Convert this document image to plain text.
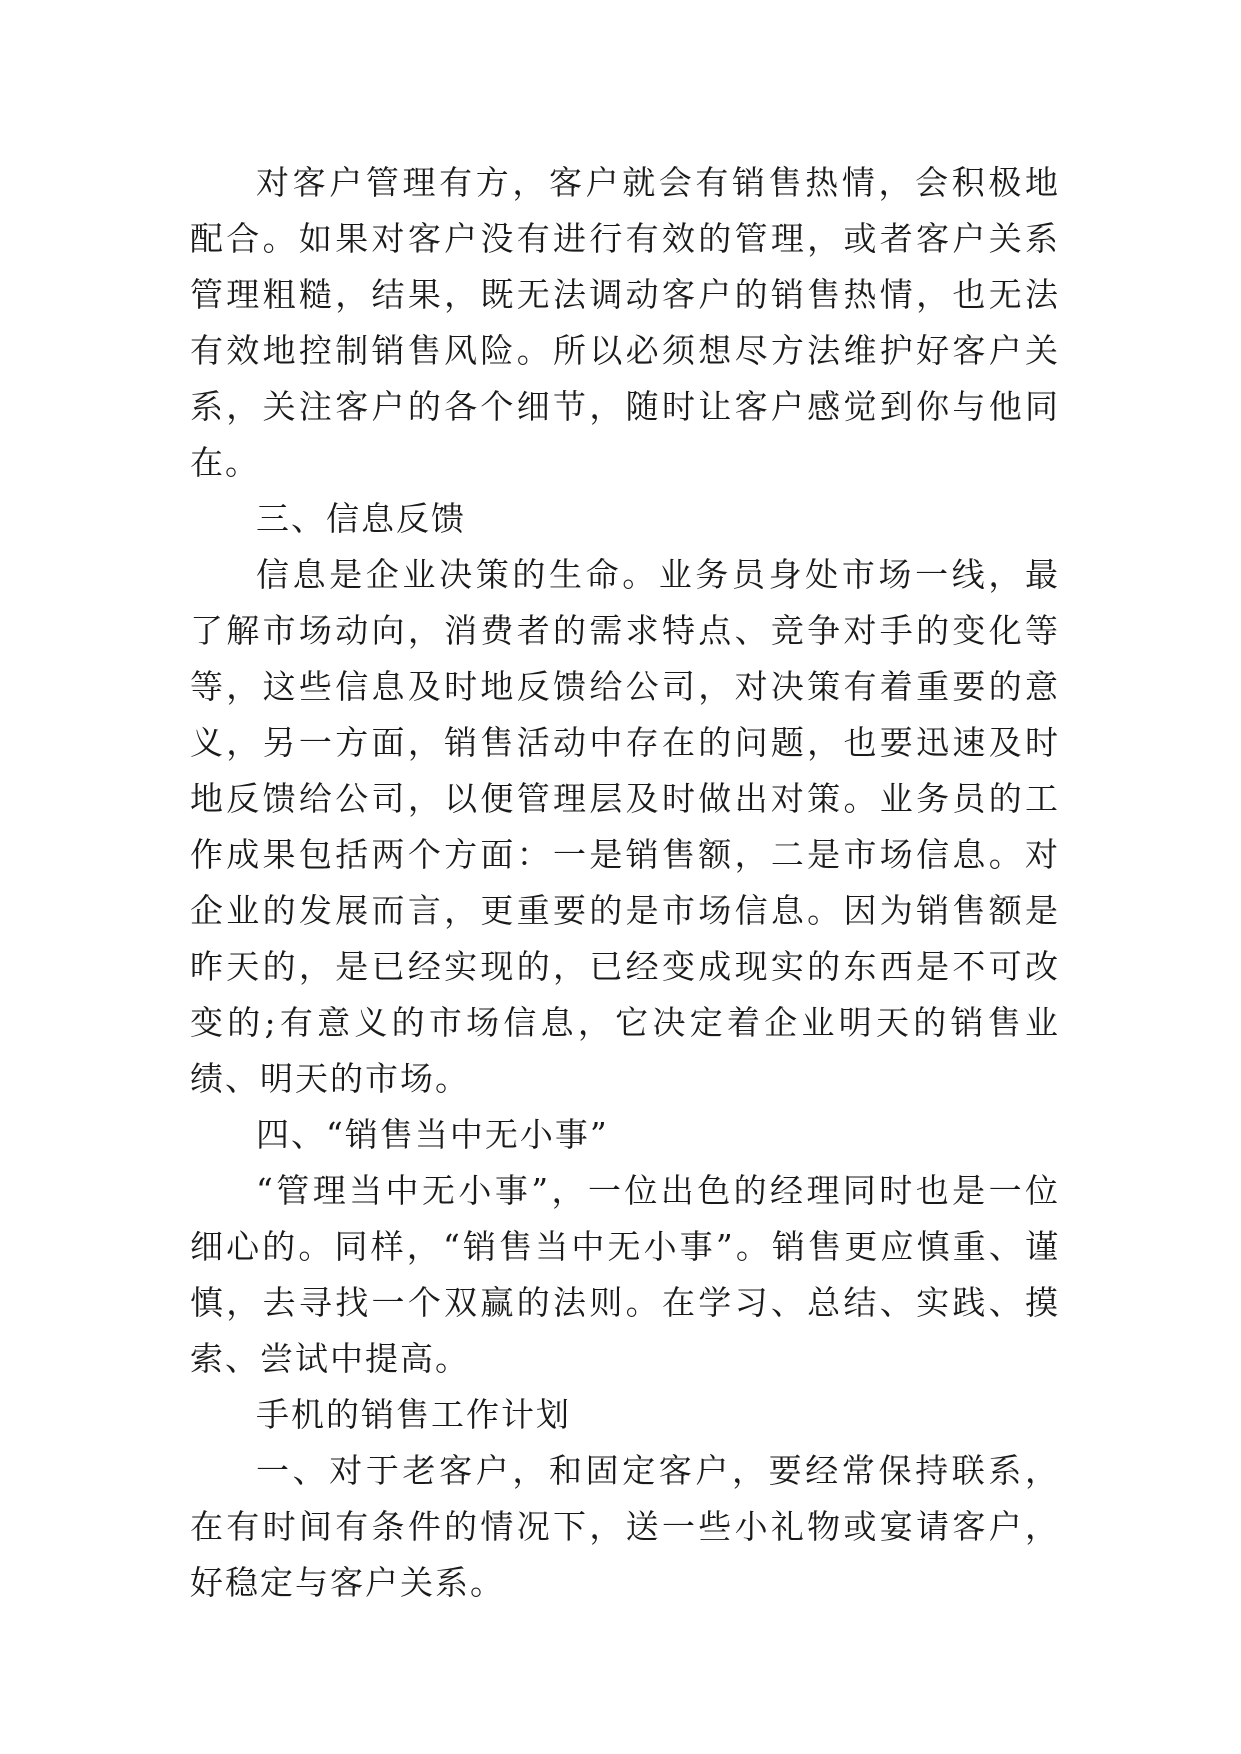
对客户管理有方，客户就会有销售热情，会积极地配合。如果对客户没有进行有效的管理，或者客户关系管理粗糙，结果，既无法调动客户的销售热情，也无法有效地控制销售风险。所以必须想尽方法维护好客户关系，关注客户的各个细节，随时让客户感觉到你与他同在。

三、信息反馈

信息是企业决策的生命。业务员身处市场一线，最了解市场动向，消费者的需求特点、竞争对手的变化等等，这些信息及时地反馈给公司，对决策有着重要的意义，另一方面，销售活动中存在的问题，也要迅速及时地反馈给公司，以便管理层及时做出对策。业务员的工作成果包括两个方面：一是销售额，二是市场信息。对企业的发展而言，更重要的是市场信息。因为销售额是昨天的，是已经实现的，已经变成现实的东西是不可改变的;有意义的市场信息，它决定着企业明天的销售业绩、明天的市场。

四、“销售当中无小事”

“管理当中无小事”，一位出色的经理同时也是一位细心的。同样，“销售当中无小事”。销售更应慎重、谨慎，去寻找一个双赢的法则。在学习、总结、实践、摸索、尝试中提高。

手机的销售工作计划

一、对于老客户，和固定客户，要经常保持联系，在有时间有条件的情况下，送一些小礼物或宴请客户，好稳定与客户关系。
